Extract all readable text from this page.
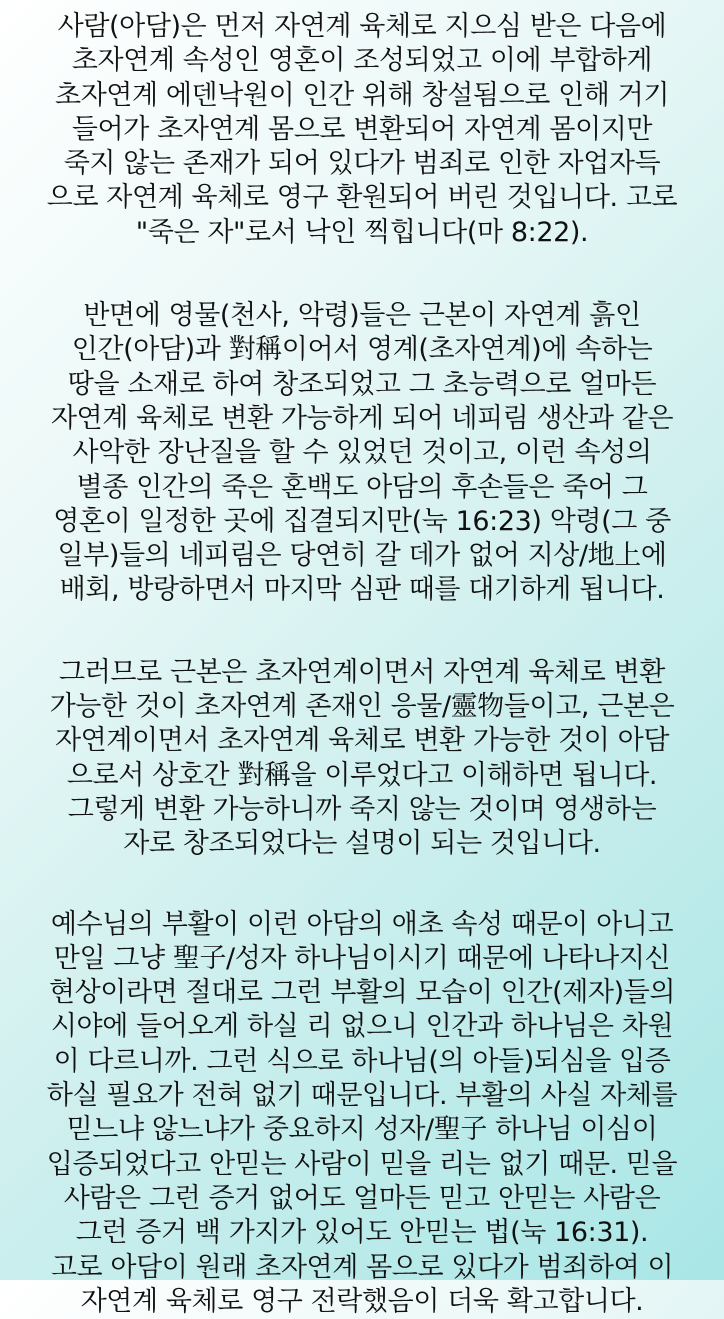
사람(아담)은 먼저 자연계 육체로 지으심 받은 다음에
초자연계 속성인 영혼이 조성되었고 이에 부합하게
초자연계 에덴낙원이 인간 위해 창설됨으로 인해 거기
들어가 초자연계 몸으로 변환되어 자연계 몸이지만
죽지 않는 존재가 되어 있다가 범죄로 인한 자업자득
으로 자연계 육체로 영구 환원되어 버린 것입니다. 고로
"죽은 자"로서 낙인 찍힙니다(마 8:22).
반면에 영물(천사, 악령)들은 근본이 자연계 흙인
인간(아담)과 對稱이어서 영계(초자연계)에 속하는
땅을 소재로 하여 창조되었고 그 초능력으로 얼마든
자연계 육체로 변환 가능하게 되어 네피림 생산과 같은
사악한 장난질을 할 수 있었던 것이고, 이런 속성의
별종 인간의 죽은 혼백도 아담의 후손들은 죽어 그
영혼이 일정한 곳에 집결되지만(눅 16:23) 악령(그 중
일부)들의 네피림은 당연히 갈 데가 없어 지상/地上에
배회, 방랑하면서 마지막 심판 때를 대기하게 됩니다.
그러므로 근본은 초자연계이면서 자연계 육체로 변환
가능한 것이 초자연계 존재인 응물/靈物들이고, 근본은
자연계이면서 초자연계 육체로 변환 가능한 것이 아담
으로서 상호간 對稱을 이루었다고 이해하면 됩니다.
그렇게 변환 가능하니까 죽지 않는 것이며 영생하는
자로 창조되었다는 설명이 되는 것입니다.
예수님의 부활이 이런 아담의 애초 속성 때문이 아니고
만일 그냥 聖子/성자 하나님이시기 때문에 나타나지신
현상이라면 절대로 그런 부활의 모습이 인간(제자)들의
시야에 들어오게 하실 리 없으니 인간과 하나님은 차원
이 다르니까. 그런 식으로 하나님(의 아들)되심을 입증
하실 필요가 전혀 없기 때문입니다. 부활의 사실 자체를
믿느냐 않느냐가 중요하지 성자/聖子 하나님 이심이
입증되었다고 안믿는 사람이 믿을 리는 없기 때문. 믿을
사람은 그런 증거 없어도 얼마든 믿고 안믿는 사람은
그런 증거 백 가지가 있어도 안믿는 법(눅 16:31).
고로 아담이 원래 초자연계 몸으로 있다가 범죄하여 이
자연계 육체로 영구 전락했음이 더욱 확고합니다.
